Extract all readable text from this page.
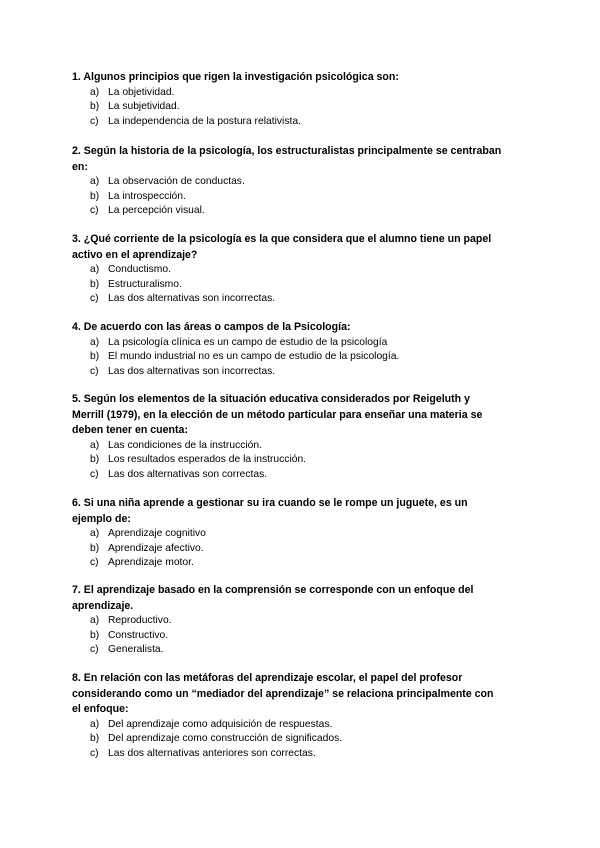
1. Algunos principios que rigen la investigación psicológica son:

a) La objetividad.
b) La subjetividad.
c) La independencia de la postura relativista.

2. Según la historia de la psicología, los estructuralistas principalmente se centraban en:

a) La observación de conductas.
b) La introspección.
c) La percepción visual.

3. ¿Qué corriente de la psicología es la que considera que el alumno tiene un papel activo en el aprendizaje?

a) Conductismo.
b) Estructuralismo.
c) Las dos alternativas son incorrectas.

4. De acuerdo con las áreas o campos de la Psicología:

a) La psicología clínica es un campo de estudio de la psicología
b) El mundo industrial no es un campo de estudio de la psicología.
c) Las dos alternativas son incorrectas.

5. Según los elementos de la situación educativa considerados por Reigeluth y Merrill (1979), en la elección de un método particular para enseñar una materia se deben tener en cuenta:

a) Las condiciones de la instrucción.
b) Los resultados esperados de la instrucción.
c) Las dos alternativas son correctas.

6. Si una niña aprende a gestionar su ira cuando se le rompe un juguete, es un ejemplo de:

a) Aprendizaje cognitivo
b) Aprendizaje afectivo.
c) Aprendizaje motor.

7. El aprendizaje basado en la comprensión se corresponde con un enfoque del aprendizaje.

a) Reproductivo.
b) Constructivo.
c) Generalista.

8. En relación con las metáforas del aprendizaje escolar, el papel del profesor considerando como un “mediador del aprendizaje” se relaciona principalmente con el enfoque:

a) Del aprendizaje como adquisición de respuestas.
b) Del aprendizaje como construcción de significados.
c) Las dos alternativas anteriores son correctas.
